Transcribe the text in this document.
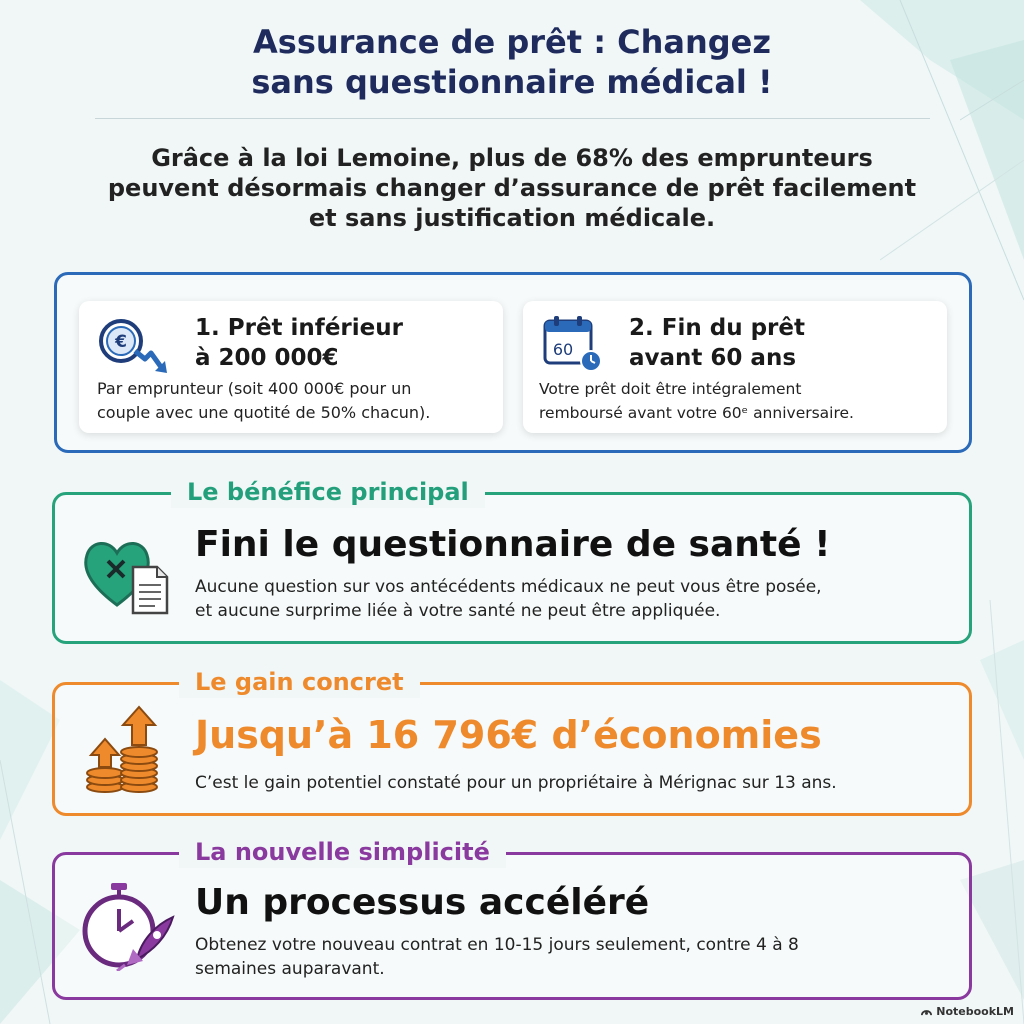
Assurance de prêt : Changez
sans questionnaire médical !

Grâce à la loi Lemoine, plus de 68% des emprunteurs
peuvent désormais changer d’assurance de prêt facilement
et sans justification médicale.

€
1. Prêt inférieur
à 200 000€
Par emprunteur (soit 400 000€ pour un
couple avec une quotité de 50% chacun).
60
2. Fin du prêt
avant 60 ans
Votre prêt doit être intégralement
remboursé avant votre 60ᵉ anniversaire.
Le bénéfice principal
Fini le questionnaire de santé !
Aucune question sur vos antécédents médicaux ne peut vous être posée,
et aucune surprime liée à votre santé ne peut être appliquée.
Le gain concret
Jusqu’à 16 796€ d’économies
C’est le gain potentiel constaté pour un propriétaire à Mérignac sur 13 ans.
La nouvelle simplicité
Un processus accéléré
Obtenez votre nouveau contrat en 10-15 jours seulement, contre 4 à 8
semaines auparavant.
NotebookLM
